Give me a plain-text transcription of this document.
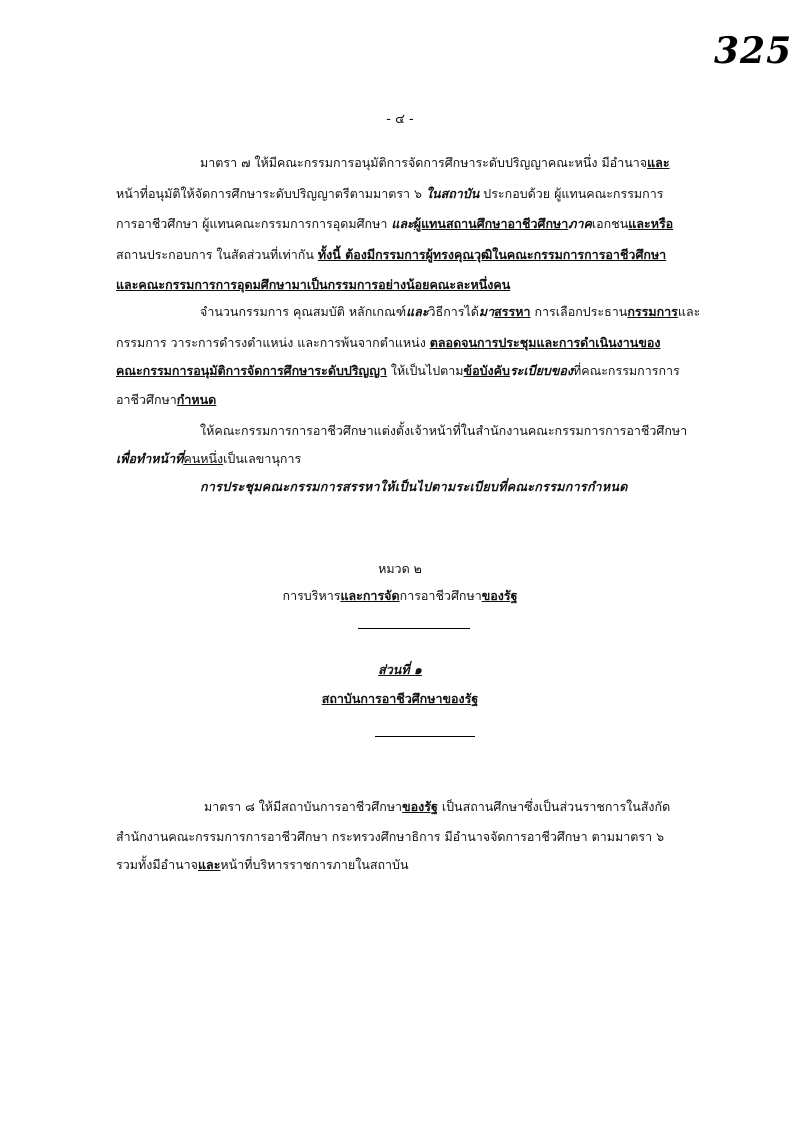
325
- ๔ -
มาตรา ๗ ให้มีคณะกรรมการอนุมัติการจัดการศึกษาระดับปริญญาคณะหนึ่ง มีอำนาจและ
หน้าที่อนุมัติให้จัดการศึกษาระดับปริญญาตรีตามมาตรา ๖ ในสถาบัน ประกอบด้วย ผู้แทนคณะกรรมการ
การอาชีวศึกษา ผู้แทนคณะกรรมการการอุดมศึกษา และผู้แทนสถานศึกษาอาชีวศึกษาภาคเอกชนและหรือ
สถานประกอบการ ในสัดส่วนที่เท่ากัน ทั้งนี้ ต้องมีกรรมการผู้ทรงคุณวุฒิในคณะกรรมการการอาชีวศึกษา
และคณะกรรมการการอุดมศึกษามาเป็นกรรมการอย่างน้อยคณะละหนึ่งคน
จำนวนกรรมการ คุณสมบัติ หลักเกณฑ์และวิธีการได้มาสรรหา การเลือกประธานกรรมการและ
กรรมการ วาระการดำรงตำแหน่ง และการพ้นจากตำแหน่ง ตลอดจนการประชุมและการดำเนินงานของ
คณะกรรมการอนุมัติการจัดการศึกษาระดับปริญญา ให้เป็นไปตามข้อบังคับระเบียบของที่คณะกรรมการการ
อาชีวศึกษากำหนด
ให้คณะกรรมการการอาชีวศึกษาแต่งตั้งเจ้าหน้าที่ในสำนักงานคณะกรรมการการอาชีวศึกษา
เพื่อทำหน้าที่คนหนึ่งเป็นเลขานุการ
การประชุมคณะกรรมการสรรหาให้เป็นไปตามระเบียบที่คณะกรรมการกำหนด
หมวด ๒
การบริหารและการจัดการอาชีวศึกษาของรัฐ
ส่วนที่ ๑
สถาบันการอาชีวศึกษาของรัฐ
มาตรา ๘ ให้มีสถาบันการอาชีวศึกษาของรัฐ เป็นสถานศึกษาซึ่งเป็นส่วนราชการในสังกัด
สำนักงานคณะกรรมการการอาชีวศึกษา กระทรวงศึกษาธิการ มีอำนาจจัดการอาชีวศึกษา ตามมาตรา ๖
รวมทั้งมีอำนาจและหน้าที่บริหารราชการภายในสถาบัน
